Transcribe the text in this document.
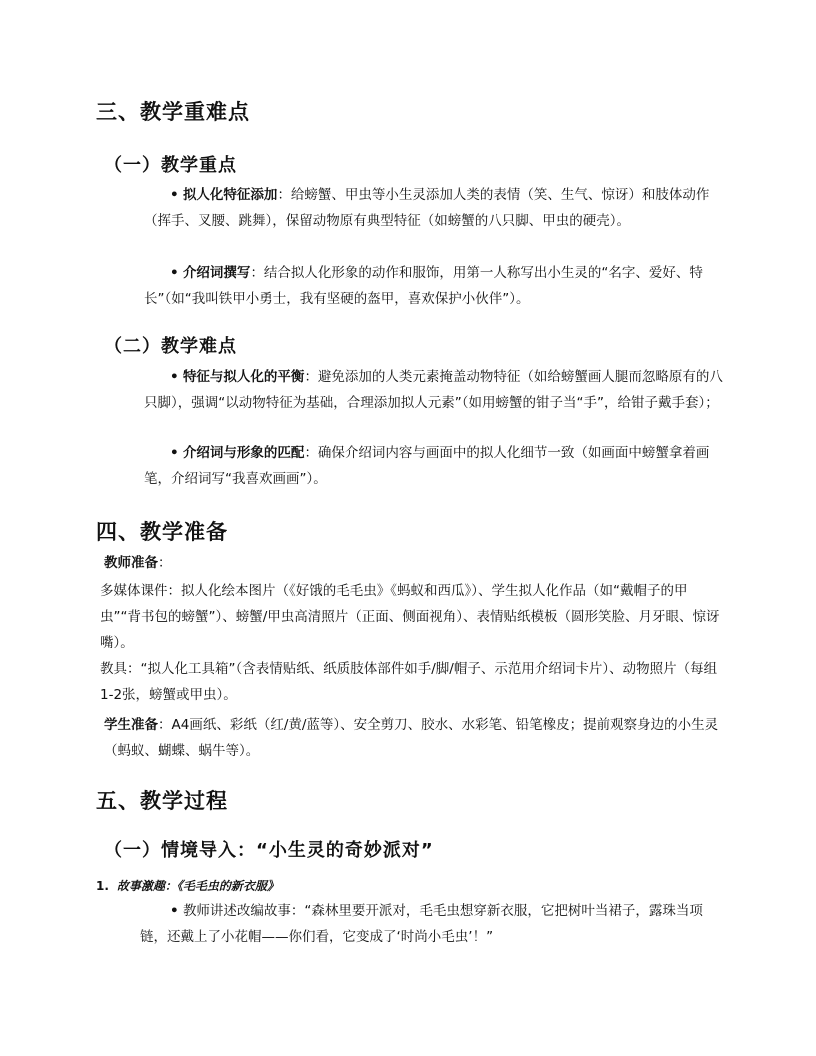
三、教学重难点
（一）教学重点

• 拟人化特征添加：给螃蟹、甲虫等小生灵添加人类的表情（笑、生气、惊讶）和肢体动作（挥手、叉腰、跳舞），保留动物原有典型特征（如螃蟹的八只脚、甲虫的硬壳）。

• 介绍词撰写：结合拟人化形象的动作和服饰，用第一人称写出小生灵的“名字、爱好、特长”（如“我叫铁甲小勇士，我有坚硬的盔甲，喜欢保护小伙伴”）。

（二）教学难点

• 特征与拟人化的平衡：避免添加的人类元素掩盖动物特征（如给螃蟹画人腿而忽略原有的八只脚），强调“以动物特征为基础，合理添加拟人元素”（如用螃蟹的钳子当“手”，给钳子戴手套）；

• 介绍词与形象的匹配：确保介绍词内容与画面中的拟人化细节一致（如画面中螃蟹拿着画笔，介绍词写“我喜欢画画”）。

四、教学准备

教师准备：

多媒体课件：拟人化绘本图片（《好饿的毛毛虫》《蚂蚁和西瓜》）、学生拟人化作品（如“戴帽子的甲虫”“背书包的螃蟹”）、螃蟹/甲虫高清照片（正面、侧面视角）、表情贴纸模板（圆形笑脸、月牙眼、惊讶嘴）。

教具：“拟人化工具箱”（含表情贴纸、纸质肢体部件如手/脚/帽子、示范用介绍词卡片）、动物照片（每组1-2张，螃蟹或甲虫）。

学生准备：A4画纸、彩纸（红/黄/蓝等）、安全剪刀、胶水、水彩笔、铅笔橡皮；提前观察身边的小生灵（蚂蚁、蝴蝶、蜗牛等）。

五、教学过程
（一）情境导入：“小生灵的奇妙派对”

1. 故事激趣：《毛毛虫的新衣服》

• 教师讲述改编故事：“森林里要开派对，毛毛虫想穿新衣服，它把树叶当裙子，露珠当项链，还戴上了小花帽——你们看，它变成了‘时尚小毛虫’！”
